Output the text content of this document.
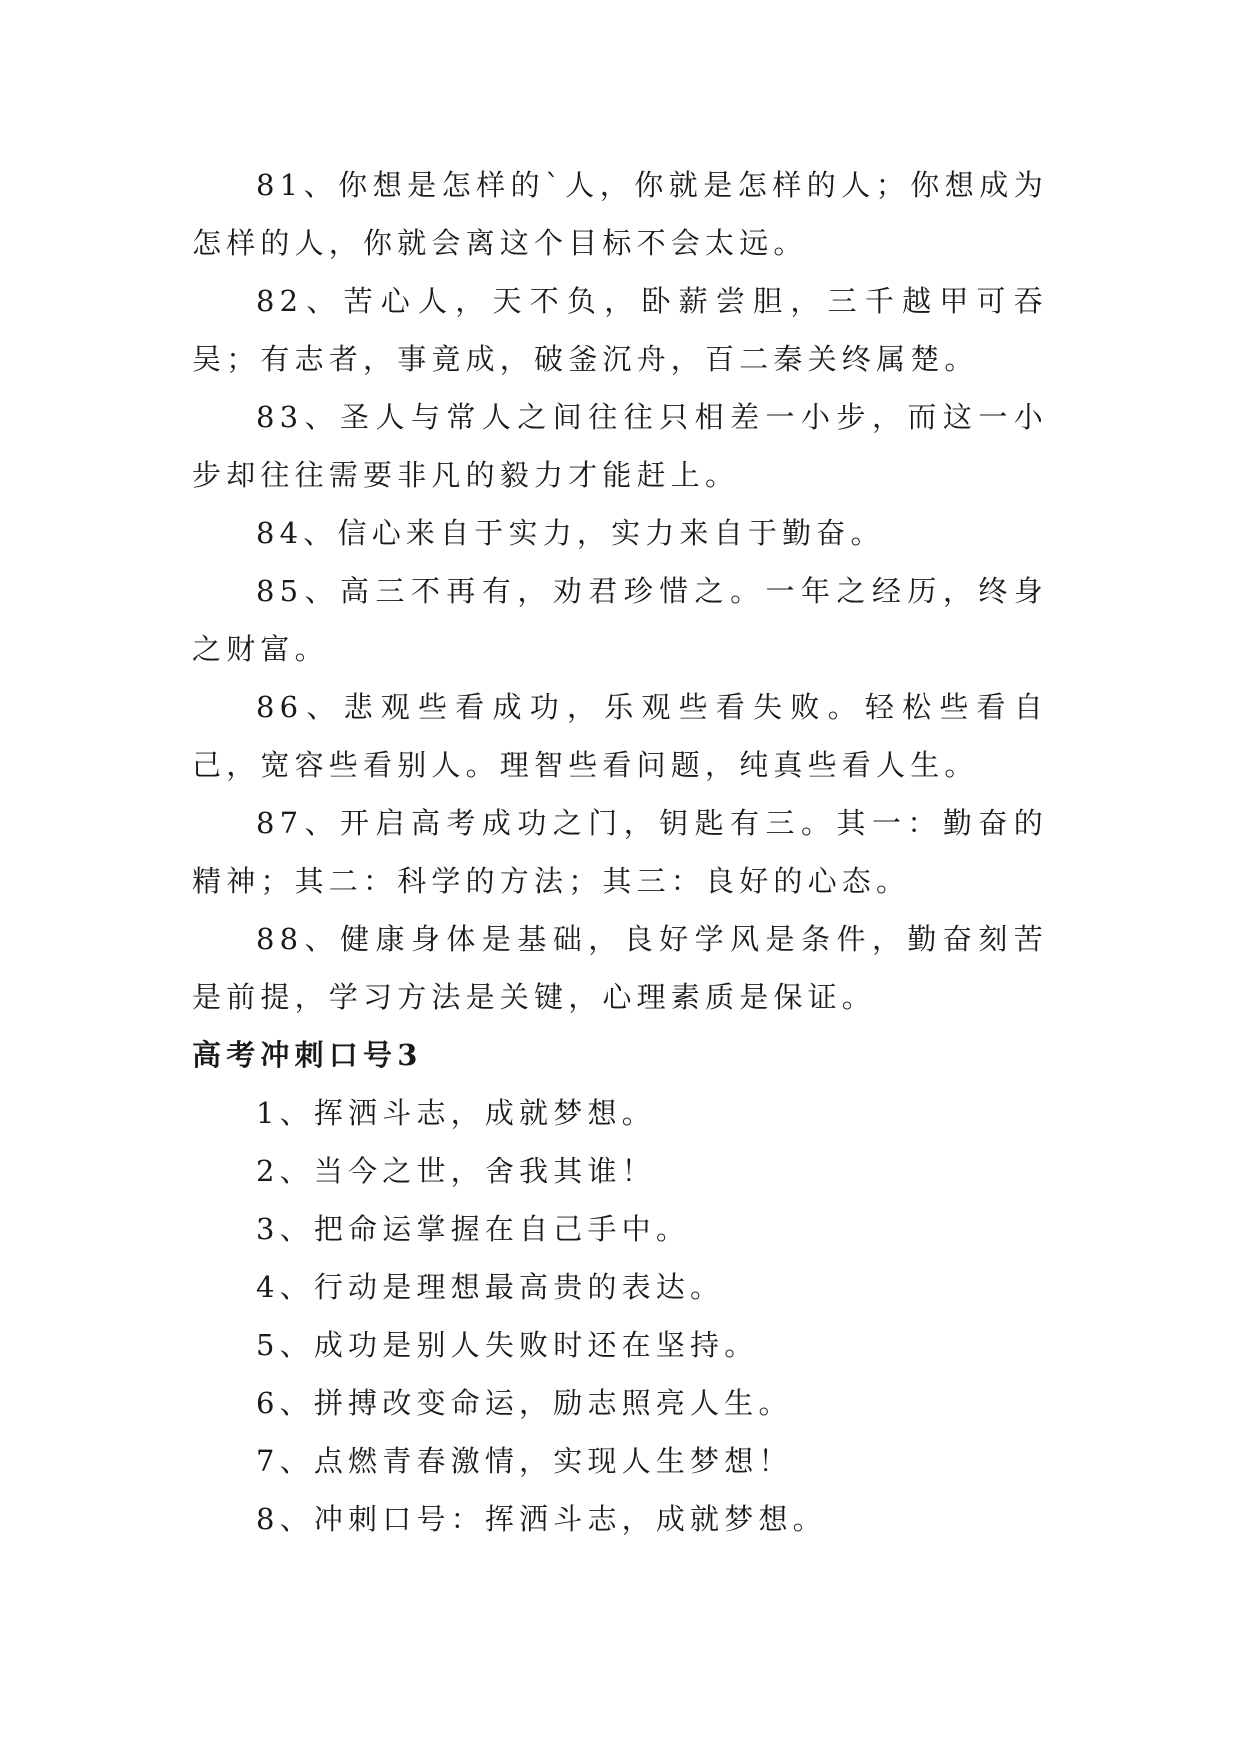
81、你想是怎样的`人，你就是怎样的人；你想成为怎样的人，你就会离这个目标不会太远。

82、苦心人，天不负，卧薪尝胆，三千越甲可吞吴；有志者，事竟成，破釜沉舟，百二秦关终属楚。

83、圣人与常人之间往往只相差一小步，而这一小步却往往需要非凡的毅力才能赶上。

84、信心来自于实力，实力来自于勤奋。

85、高三不再有，劝君珍惜之。一年之经历，终身之财富。

86、悲观些看成功，乐观些看失败。轻松些看自己，宽容些看别人。理智些看问题，纯真些看人生。

87、开启高考成功之门，钥匙有三。其一：勤奋的精神；其二：科学的方法；其三：良好的心态。

88、健康身体是基础，良好学风是条件，勤奋刻苦是前提，学习方法是关键，心理素质是保证。

高考冲刺口号3
1、挥洒斗志，成就梦想。
2、当今之世，舍我其谁！
3、把命运掌握在自己手中。
4、行动是理想最高贵的表达。
5、成功是别人失败时还在坚持。
6、拼搏改变命运，励志照亮人生。
7、点燃青春激情，实现人生梦想！
8、冲刺口号：挥洒斗志，成就梦想。
